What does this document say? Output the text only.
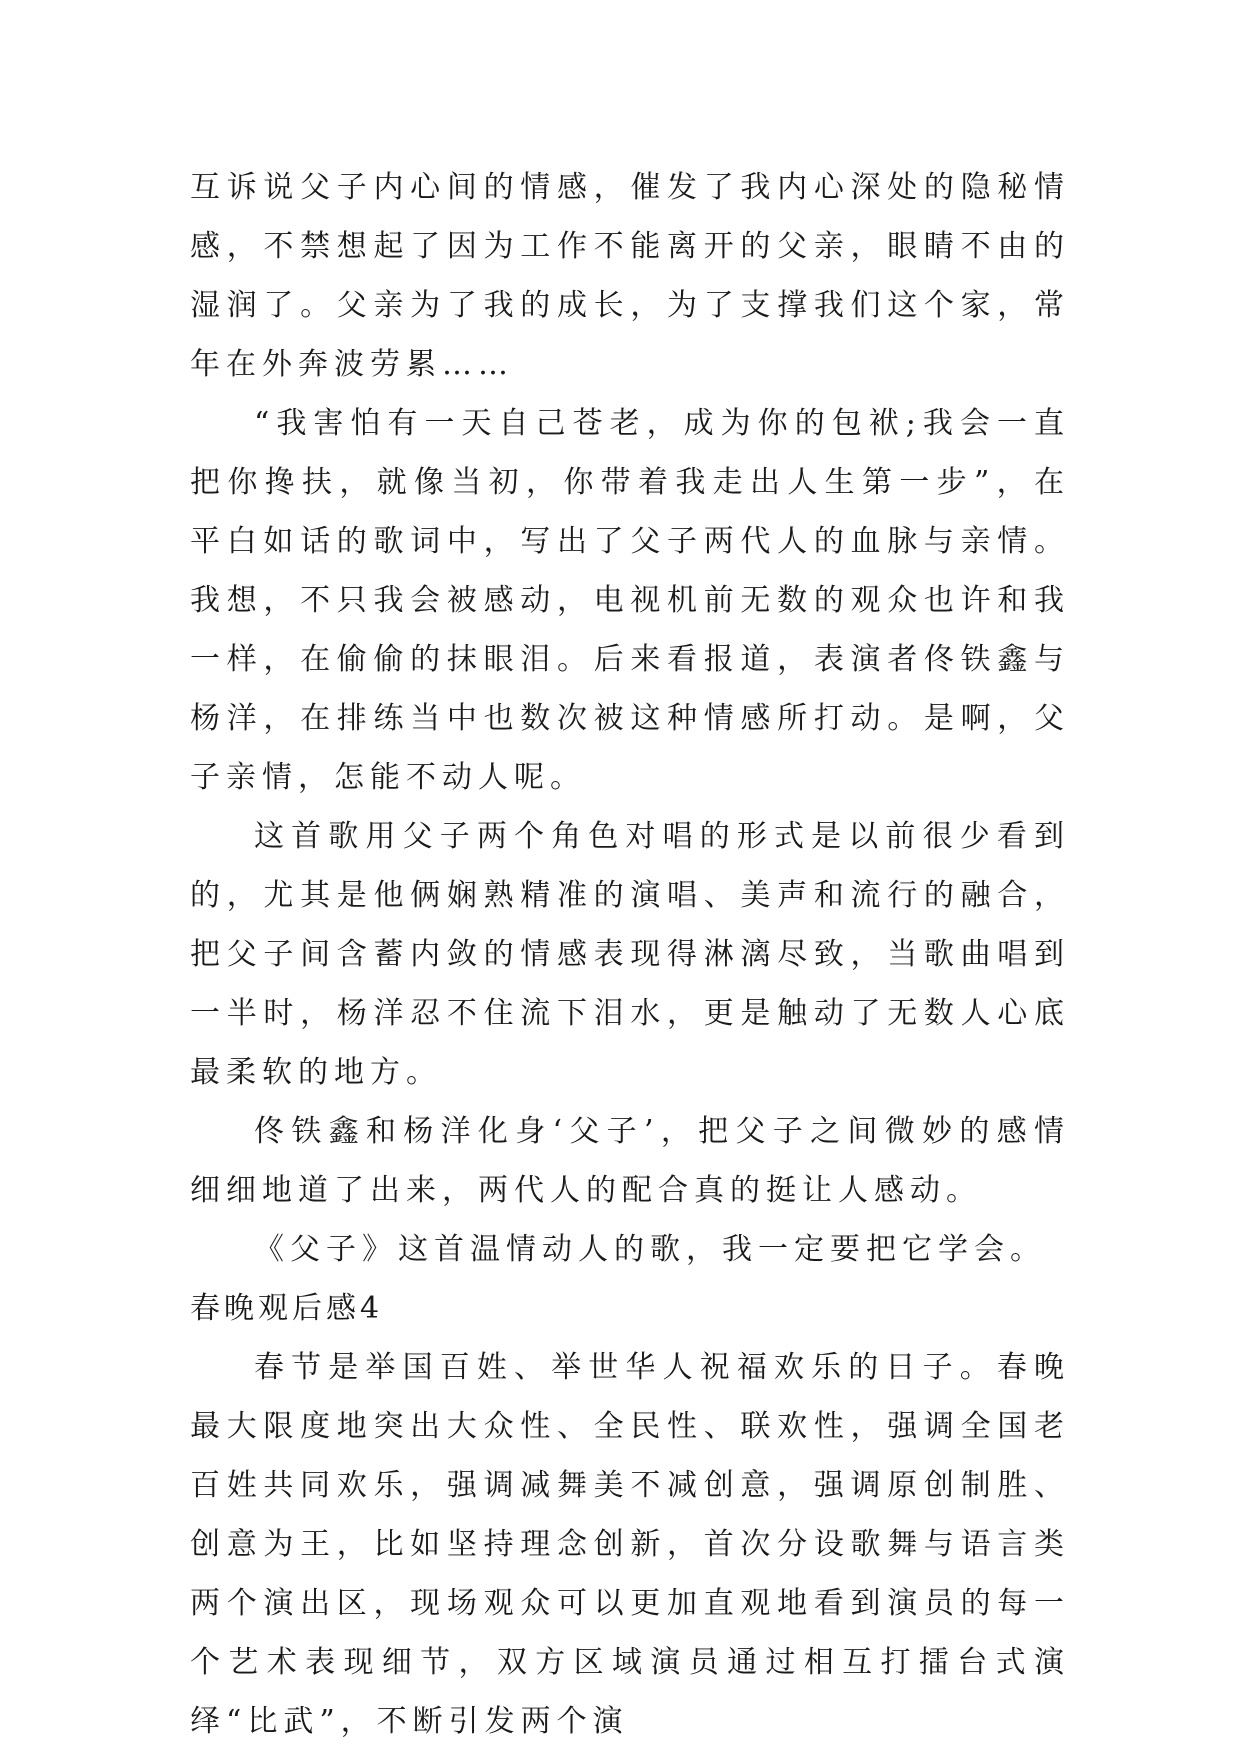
互诉说父子内心间的情感，催发了我内心深处的隐秘情感，不禁想起了因为工作不能离开的父亲，眼睛不由的湿润了。父亲为了我的成长，为了支撑我们这个家，常年在外奔波劳累……

“我害怕有一天自己苍老，成为你的包袱;我会一直把你搀扶，就像当初，你带着我走出人生第一步”，在平白如话的歌词中，写出了父子两代人的血脉与亲情。我想，不只我会被感动，电视机前无数的观众也许和我一样，在偷偷的抹眼泪。后来看报道，表演者佟铁鑫与杨洋，在排练当中也数次被这种情感所打动。是啊，父子亲情，怎能不动人呢。

这首歌用父子两个角色对唱的形式是以前很少看到的，尤其是他俩娴熟精准的演唱、美声和流行的融合，把父子间含蓄内敛的情感表现得淋漓尽致，当歌曲唱到一半时，杨洋忍不住流下泪水，更是触动了无数人心底最柔软的地方。

佟铁鑫和杨洋化身‘父子’，把父子之间微妙的感情细细地道了出来，两代人的配合真的挺让人感动。

《父子》这首温情动人的歌，我一定要把它学会。

春晚观后感4

春节是举国百姓、举世华人祝福欢乐的日子。春晚最大限度地突出大众性、全民性、联欢性，强调全国老百姓共同欢乐，强调减舞美不减创意，强调原创制胜、创意为王，比如坚持理念创新，首次分设歌舞与语言类两个演出区，现场观众可以更加直观地看到演员的每一个艺术表现细节，双方区域演员通过相互打擂台式演绎“比武”，不断引发两个演
